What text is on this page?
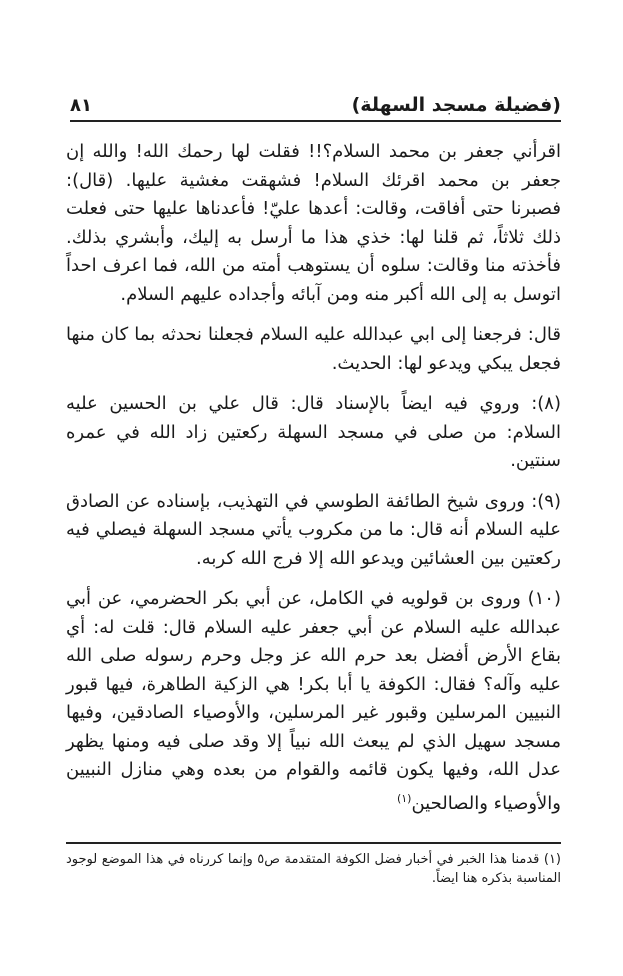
(فضيلة مسجد السهلة)
٨١

اقرأني جعفر بن محمد السلام؟!! فقلت لها رحمك الله! والله إن جعفر بن محمد اقرئك السلام! فشهقت مغشية عليها. (قال): فصبرنا حتى أفاقت، وقالت: أعدها عليّ! فأعدناها عليها حتى فعلت ذلك ثلاثاً، ثم قلنا لها: خذي هذا ما أرسل به إليك، وأبشري بذلك. فأخذته منا وقالت: سلوه أن يستوهب أمته من الله، فما اعرف احداً اتوسل به إلى الله أكبر منه ومن آبائه وأجداده عليهم السلام.

قال: فرجعنا إلى ابي عبدالله عليه السلام فجعلنا نحدثه بما كان منها فجعل يبكي ويدعو لها: الحديث.

(٨): وروي فيه ايضاً بالإسناد قال: قال علي بن الحسين عليه السلام: من صلى في مسجد السهلة ركعتين زاد الله في عمره سنتين.

(٩): وروى شيخ الطائفة الطوسي في التهذيب، بإسناده عن الصادق عليه السلام أنه قال: ما من مكروب يأتي مسجد السهلة فيصلي فيه ركعتين بين العشائين ويدعو الله إلا فرج الله كربه.

(١٠) وروى بن قولويه في الكامل، عن أبي بكر الحضرمي، عن أبي عبدالله عليه السلام عن أبي جعفر عليه السلام قال: قلت له: أي بقاع الأرض أفضل بعد حرم الله عز وجل وحرم رسوله صلى الله عليه وآله؟ فقال: الكوفة يا أبا بكر! هي الزكية الطاهرة، فيها قبور النبيين المرسلين وقبور غير المرسلين، والأوصياء الصادقين، وفيها مسجد سهيل الذي لم يبعث الله نبياً إلا وقد صلى فيه ومنها يظهر عدل الله، وفيها يكون قائمه والقوام من بعده وهي منازل النبيين والأوصياء والصالحين$^{(١)}$

(١) قدمنا هذا الخبر في أخبار فضل الكوفة المتقدمة ص٥ وإنما كررناه في هذا الموضع لوجود المناسبة بذكره هنا ايضاً.
